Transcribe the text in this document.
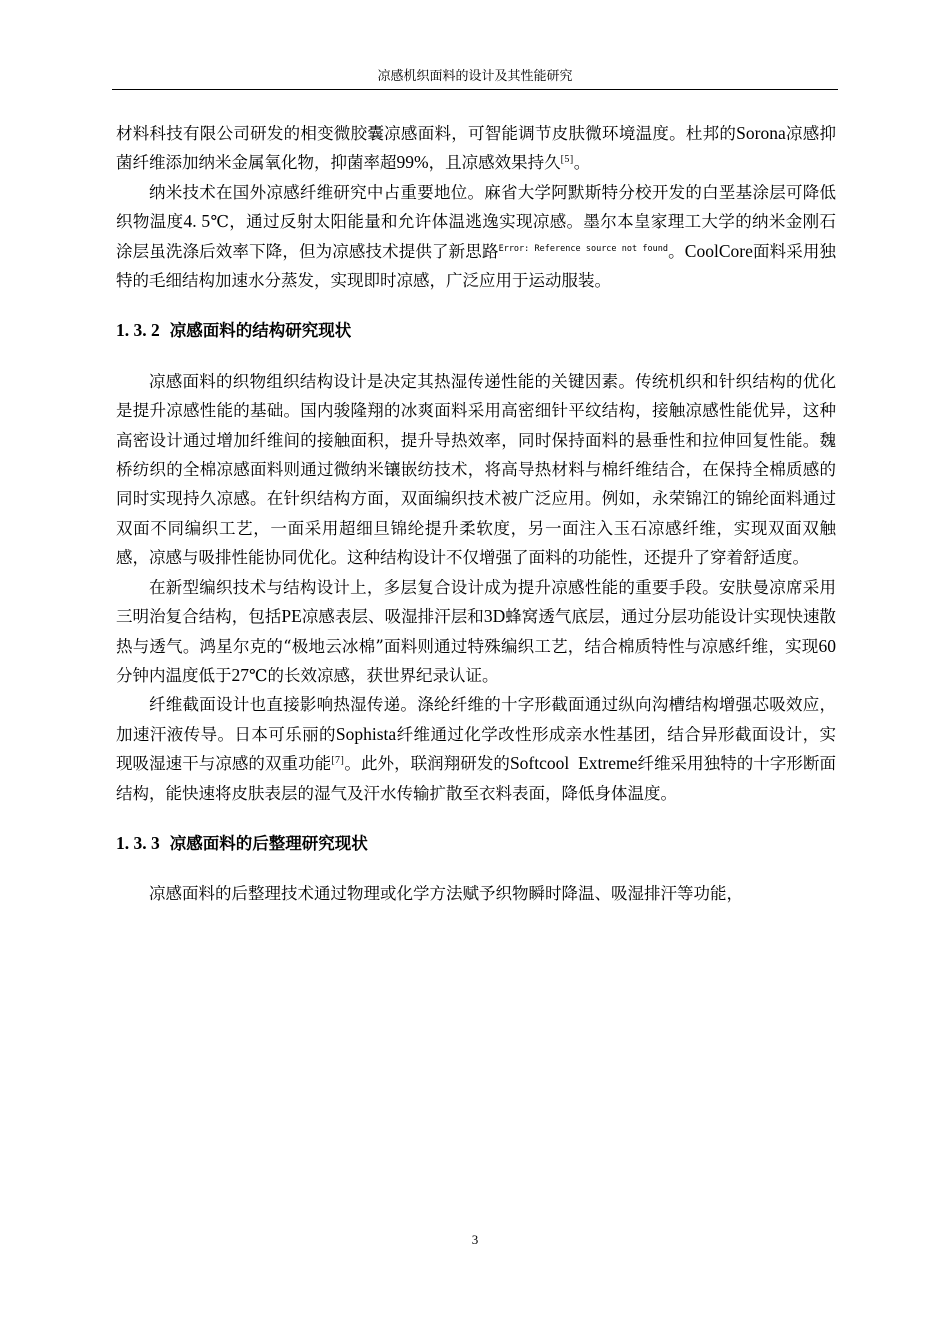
凉感机织面料的设计及其性能研究

材料科技有限公司研发的相变微胶囊凉感面料，可智能调节皮肤微环境温度。杜邦的Sorona凉感抑菌纤维添加纳米金属氧化物，抑菌率超99%，且凉感效果持久[5]。

纳米技术在国外凉感纤维研究中占重要地位。麻省大学阿默斯特分校开发的白垩基涂层可降低织物温度4. 5℃，通过反射太阳能量和允许体温逃逸实现凉感。墨尔本皇家理工大学的纳米金刚石涂层虽洗涤后效率下降，但为凉感技术提供了新思路$^{Error: Reference source not found}$。CoolCore面料采用独特的毛细结构加速水分蒸发，实现即时凉感，广泛应用于运动服装。

1. 3. 2 凉感面料的结构研究现状

凉感面料的织物组织结构设计是决定其热湿传递性能的关键因素。传统机织和针织结构的优化是提升凉感性能的基础。国内骏隆翔的冰爽面料采用高密细针平纹结构，接触凉感性能优异，这种高密设计通过增加纤维间的接触面积，提升导热效率，同时保持面料的悬垂性和拉伸回复性能。魏桥纺织的全棉凉感面料则通过微纳米镶嵌纺技术，将高导热材料与棉纤维结合，在保持全棉质感的同时实现持久凉感。在针织结构方面，双面编织技术被广泛应用。例如，永荣锦江的锦纶面料通过双面不同编织工艺，一面采用超细旦锦纶提升柔软度，另一面注入玉石凉感纤维，实现双面双触感，凉感与吸排性能协同优化。这种结构设计不仅增强了面料的功能性，还提升了穿着舒适度。

在新型编织技术与结构设计上，多层复合设计成为提升凉感性能的重要手段。安肤曼凉席采用三明治复合结构，包括PE凉感表层、吸湿排汗层和3D蜂窝透气底层，通过分层功能设计实现快速散热与透气。鸿星尔克的“极地云冰棉”面料则通过特殊编织工艺，结合棉质特性与凉感纤维，实现60分钟内温度低于27℃的长效凉感，获世界纪录认证。

纤维截面设计也直接影响热湿传递。涤纶纤维的十字形截面通过纵向沟槽结构增强芯吸效应，加速汗液传导。日本可乐丽的Sophista纤维通过化学改性形成亲水性基团，结合异形截面设计，实现吸湿速干与凉感的双重功能[7]。此外，联润翔研发的Softcool  Extreme纤维采用独特的十字形断面结构，能快速将皮肤表层的湿气及汗水传输扩散至衣料表面，降低身体温度。

1. 3. 3 凉感面料的后整理研究现状

凉感面料的后整理技术通过物理或化学方法赋予织物瞬时降温、吸湿排汗等功能，

3
